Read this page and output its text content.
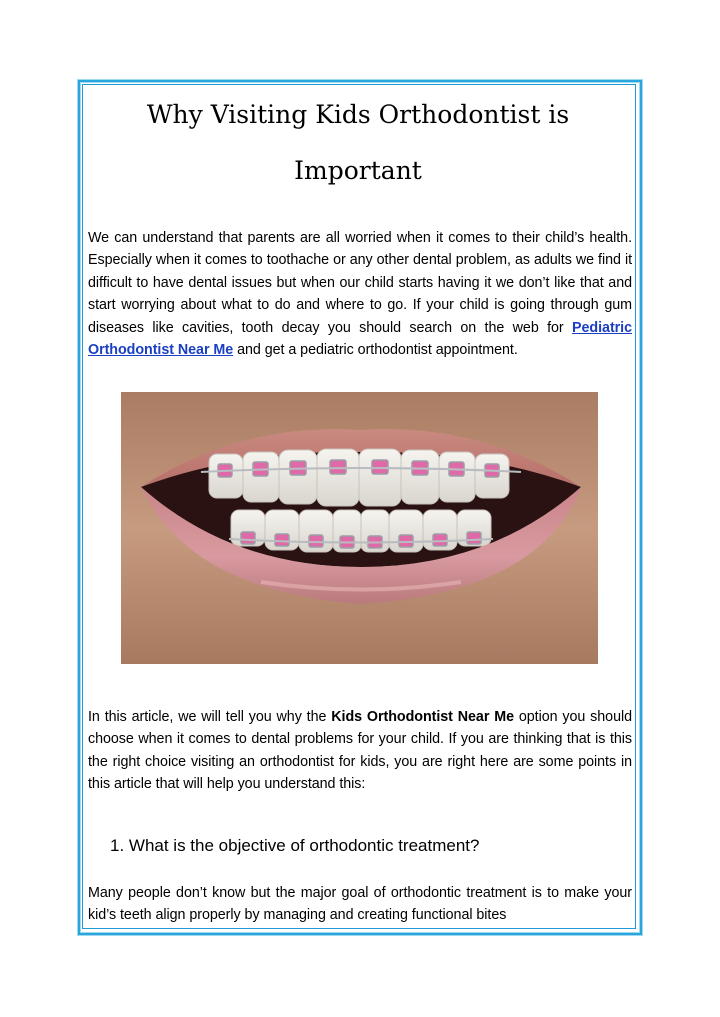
Why Visiting Kids Orthodontist is
Important

We can understand that parents are all worried when it comes to their child’s health. Especially when it comes to toothache or any other dental problem, as adults we find it difficult to have dental issues but when our child starts having it we don’t like that and start worrying about what to do and where to go. If your child is going through gum diseases like cavities, tooth decay you should search on the web for Pediatric Orthodontist Near Me and get a pediatric orthodontist appointment.

In this article, we will tell you why the Kids Orthodontist Near Me option you should choose when it comes to dental problems for your child. If you are thinking that is this the right choice visiting an orthodontist for kids, you are right here are some points in this article that will help you understand this:

1. What is the objective of orthodontic treatment?

Many people don’t know but the major goal of orthodontic treatment is to make your kid’s teeth align properly by managing and creating functional bites
